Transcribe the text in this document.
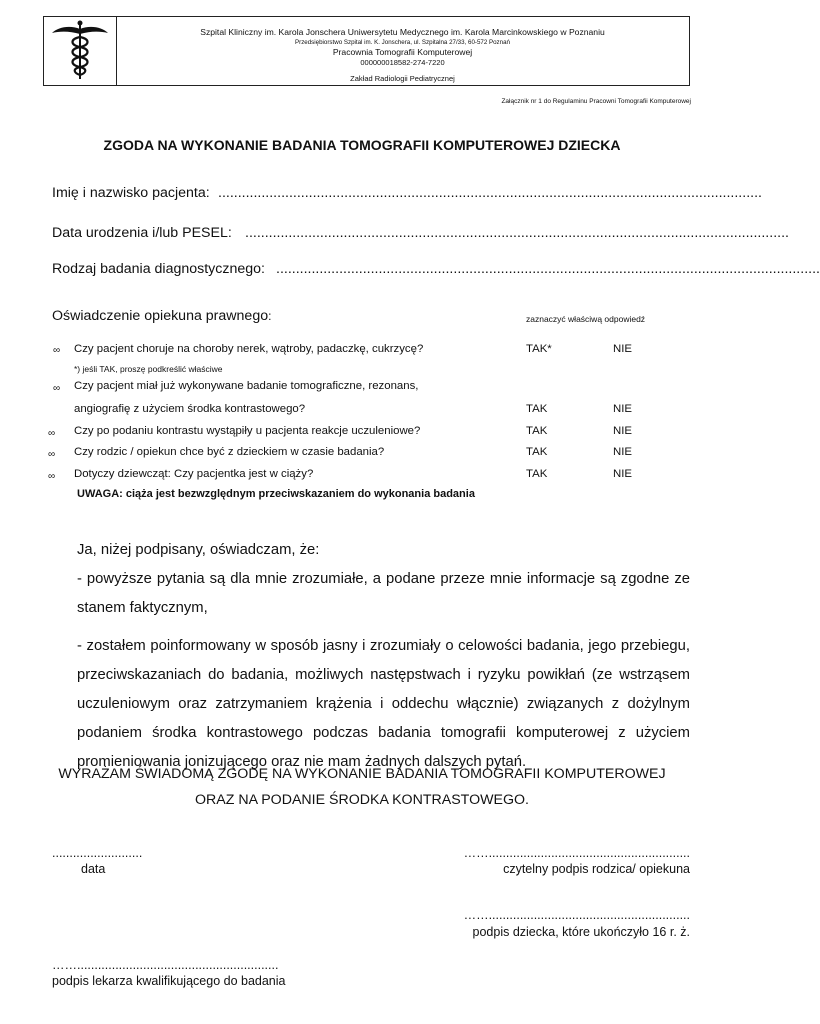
Szpital Kliniczny im. Karola Jonschera Uniwersytetu Medycznego im. Karola Marcinkowskiego w Poznaniu
Przedsiębiorstwo Szpital im. K. Jonschera, ul. Szpitalna 27/33, 60-572 Poznań
Pracownia Tomografii Komputerowej
000000018582-274-7220
Zakład Radiologii Pediatrycznej
Załącznik nr 1 do Regulaminu Pracowni Tomografii Komputerowej
ZGODA NA WYKONANIE BADANIA TOMOGRAFII KOMPUTEROWEJ DZIECKA
Imię i nazwisko pacjenta: ..........................................................................................................................................
Data urodzenia i/lub PESEL: ..........................................................................................................................................
Rodzaj badania diagnostycznego: ..........................................................................................................................................
Oświadczenie opiekuna prawnego:	zaznaczyć właściwą odpowiedź
∞ Czy pacjent choruje na choroby nerek, wątroby, padaczkę, cukrzycę?	TAK*	NIE
*) jeśli TAK, proszę podkreślić właściwe
∞ Czy pacjent miał już wykonywane badanie tomograficzne, rezonans,
angiografię z użyciem środka kontrastowego?	TAK	NIE
∞ Czy po podaniu kontrastu wystąpiły u pacjenta reakcje uczuleniowe?	TAK	NIE
∞ Czy rodzic / opiekun chce być z dzieckiem w czasie badania?	TAK	NIE
∞ Dotyczy dziewcząt: Czy pacjentka jest w ciąży?	TAK	NIE
UWAGA: ciąża jest bezwzględnym przeciwskazaniem do wykonania badania
Ja, niżej podpisany, oświadczam, że:
- powyższe pytania są dla mnie zrozumiałe, a podane przeze mnie informacje są zgodne ze stanem faktycznym,
- zostałem poinformowany w sposób jasny i zrozumiały o celowości badania, jego przebiegu, przeciwskazaniach do badania, możliwych następstwach i ryzyku powikłań (ze wstrząsem uczuleniowym oraz zatrzymaniem krążenia i oddechu włącznie) związanych z dożylnym podaniem środka kontrastowego podczas badania tomografii komputerowej z użyciem promieniowania jonizującego oraz nie mam żadnych dalszych pytań.
WYRAŻAM ŚWIADOMĄ ZGODĘ NA WYKONANIE BADANIA TOMOGRAFII KOMPUTEROWEJ
ORAZ NA PODANIE ŚRODKA KONTRASTOWEGO.
..........................
data
……..........................................................
czytelny podpis rodzica/ opiekuna
……..........................................................
podpis dziecka, które ukończyło 16 r. ż.
……..........................................................
podpis lekarza kwalifikującego do badania
